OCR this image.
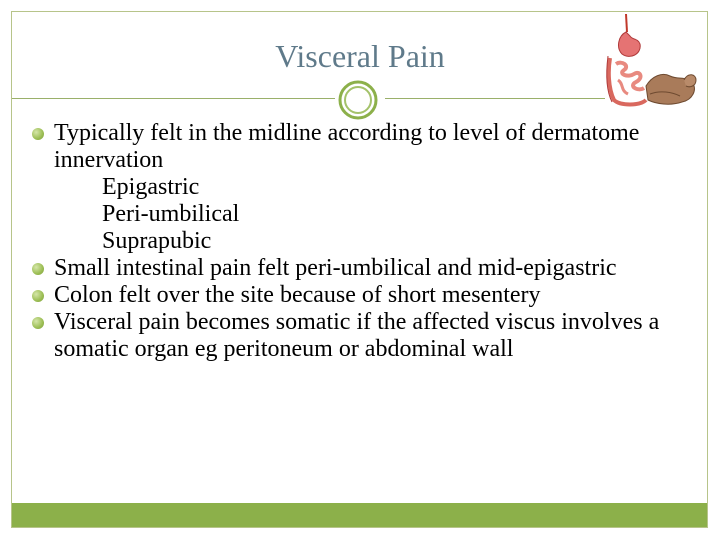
Visceral Pain

Typically felt in the midline according to level of dermatome innervation

Epigastric

Peri-umbilical

Suprapubic

Small intestinal pain felt peri-umbilical and mid-epigastric

Colon felt over the site because of short mesentery

Visceral pain becomes somatic if the affected viscus involves a somatic organ eg peritoneum or abdominal wall
